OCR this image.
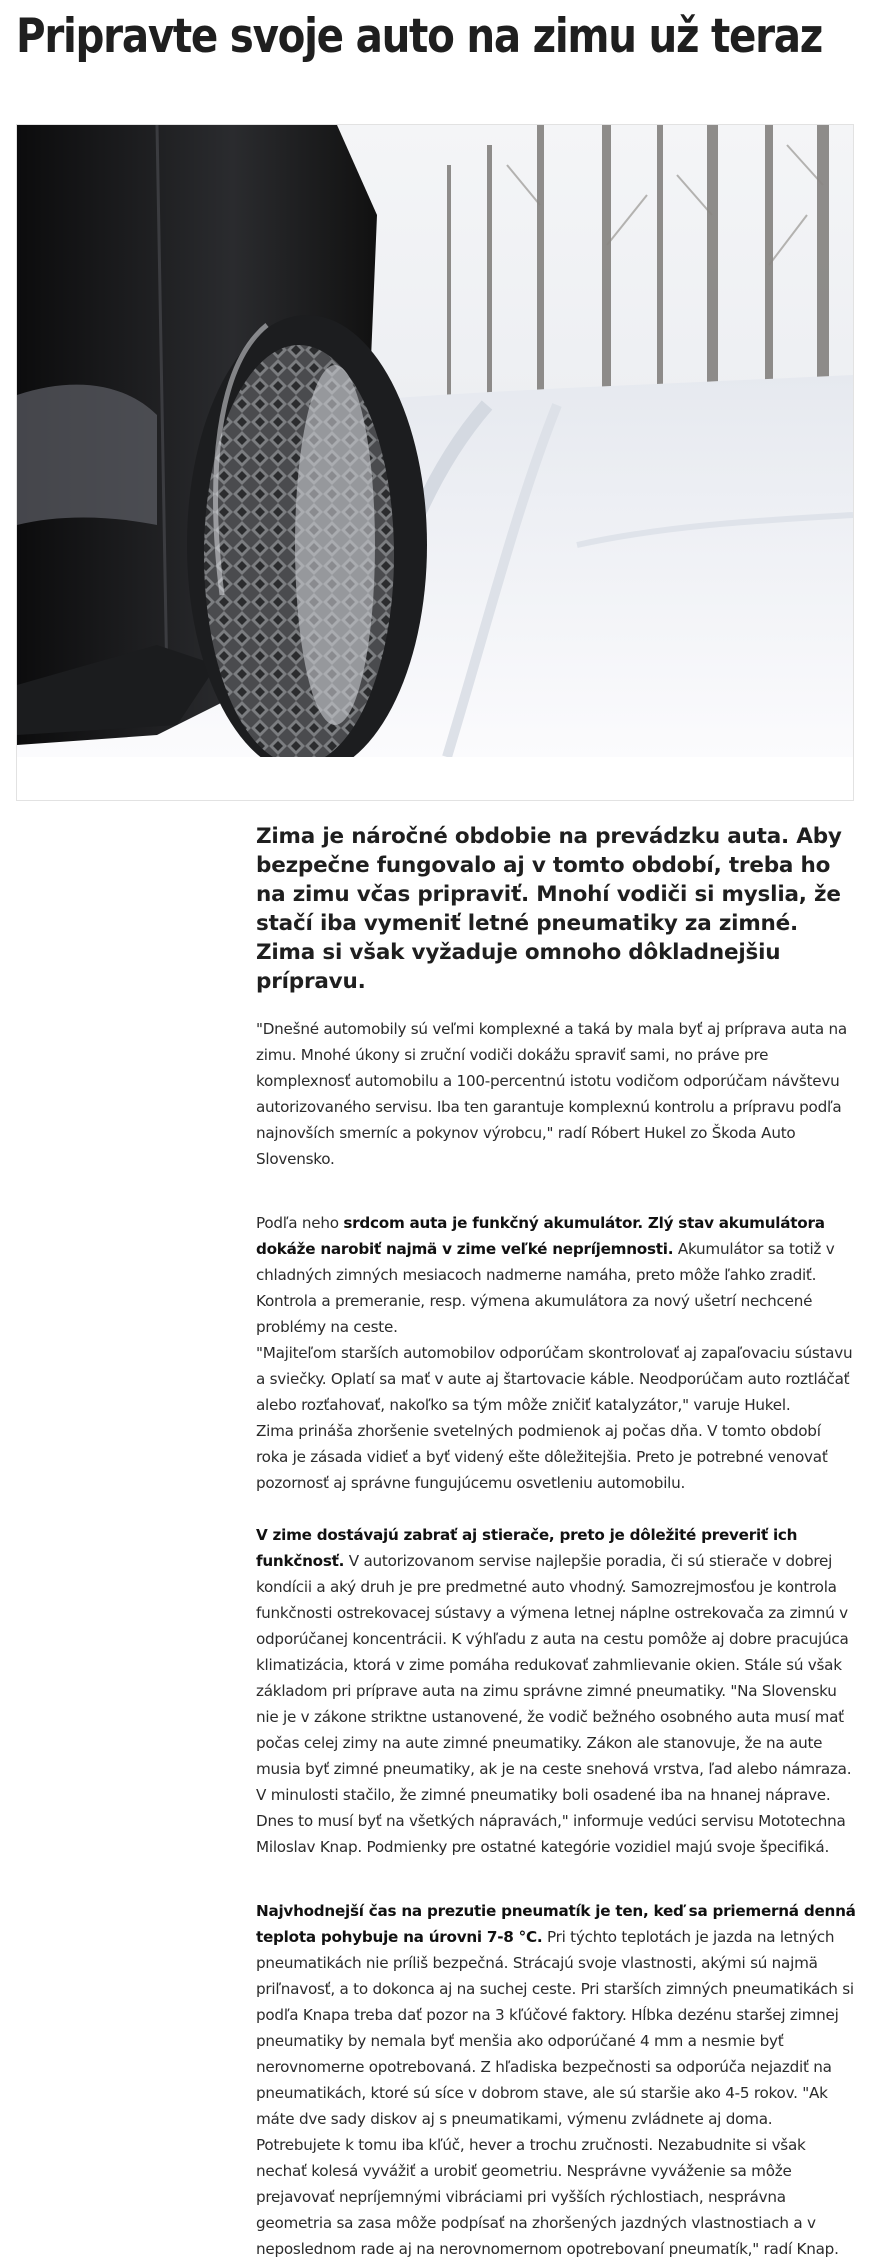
Pripravte svoje auto na zimu už teraz

Zima je náročné obdobie na prevádzku auta. Aby bezpečne fungovalo aj v tomto období, treba ho na zimu včas pripraviť. Mnohí vodiči si myslia, že stačí iba vymeniť letné pneumatiky za zimné. Zima si však vyžaduje omnoho dôkladnejšiu prípravu.

"Dnešné automobily sú veľmi komplexné a taká by mala byť aj príprava auta na zimu. Mnohé úkony si zruční vodiči dokážu spraviť sami, no práve pre komplexnosť automobilu a 100-percentnú istotu vodičom odporúčam návštevu autorizovaného servisu. Iba ten garantuje komplexnú kontrolu a prípravu podľa najnovších smerníc a pokynov výrobcu," radí Róbert Hukel zo Škoda Auto Slovensko.

Podľa neho srdcom auta je funkčný akumulátor. Zlý stav akumulátora dokáže narobiť najmä v zime veľké nepríjemnosti. Akumulátor sa totiž v chladných zimných mesiacoch nadmerne namáha, preto môže ľahko zradiť. Kontrola a premeranie, resp. výmena akumulátora za nový ušetrí nechcené problémy na ceste.

"Majiteľom starších automobilov odporúčam skontrolovať aj zapaľovaciu sústavu a sviečky. Oplatí sa mať v aute aj štartovacie káble. Neodporúčam auto roztláčať alebo rozťahovať, nakoľko sa tým môže zničiť katalyzátor," varuje Hukel.

Zima prináša zhoršenie svetelných podmienok aj počas dňa. V tomto období roka je zásada vidieť a byť videný ešte dôležitejšia. Preto je potrebné venovať pozornosť aj správne fungujúcemu osvetleniu automobilu.

V zime dostávajú zabrať aj stierače, preto je dôležité preveriť ich funkčnosť. V autorizovanom servise najlepšie poradia, či sú stierače v dobrej kondícii a aký druh je pre predmetné auto vhodný. Samozrejmosťou je kontrola funkčnosti ostrekovacej sústavy a výmena letnej náplne ostrekovača za zimnú v odporúčanej koncentrácii. K výhľadu z auta na cestu pomôže aj dobre pracujúca klimatizácia, ktorá v zime pomáha redukovať zahmlievanie okien. Stále sú však základom pri príprave auta na zimu správne zimné pneumatiky. "Na Slovensku nie je v zákone striktne ustanovené, že vodič bežného osobného auta musí mať počas celej zimy na aute zimné pneumatiky. Zákon ale stanovuje, že na aute musia byť zimné pneumatiky, ak je na ceste snehová vrstva, ľad alebo námraza. V minulosti stačilo, že zimné pneumatiky boli osadené iba na hnanej náprave. Dnes to musí byť na všetkých nápravách," informuje vedúci servisu Mototechna Miloslav Knap. Podmienky pre ostatné kategórie vozidiel majú svoje špecifiká.

Najvhodnejší čas na prezutie pneumatík je ten, keď sa priemerná denná teplota pohybuje na úrovni 7-8 °C. Pri týchto teplotách je jazda na letných pneumatikách nie príliš bezpečná. Strácajú svoje vlastnosti, akými sú najmä priľnavosť, a to dokonca aj na suchej ceste. Pri starších zimných pneumatikách si podľa Knapa treba dať pozor na 3 kľúčové faktory. Hĺbka dezénu staršej zimnej pneumatiky by nemala byť menšia ako odporúčané 4 mm a nesmie byť nerovnomerne opotrebovaná. Z hľadiska bezpečnosti sa odporúča nejazdiť na pneumatikách, ktoré sú síce v dobrom stave, ale sú staršie ako 4-5 rokov. "Ak máte dve sady diskov aj s pneumatikami, výmenu zvládnete aj doma. Potrebujete k tomu iba kľúč, hever a trochu zručnosti. Nezabudnite si však nechať kolesá vyvážiť a urobiť geometriu. Nesprávne vyváženie sa môže prejavovať nepríjemnými vibráciami pri vyšších rýchlostiach, nesprávna geometria sa zasa môže podpísať na zhoršených jazdných vlastnostiach a v neposlednom rade aj na nerovnomernom opotrebovaní pneumatík," radí Knap.
